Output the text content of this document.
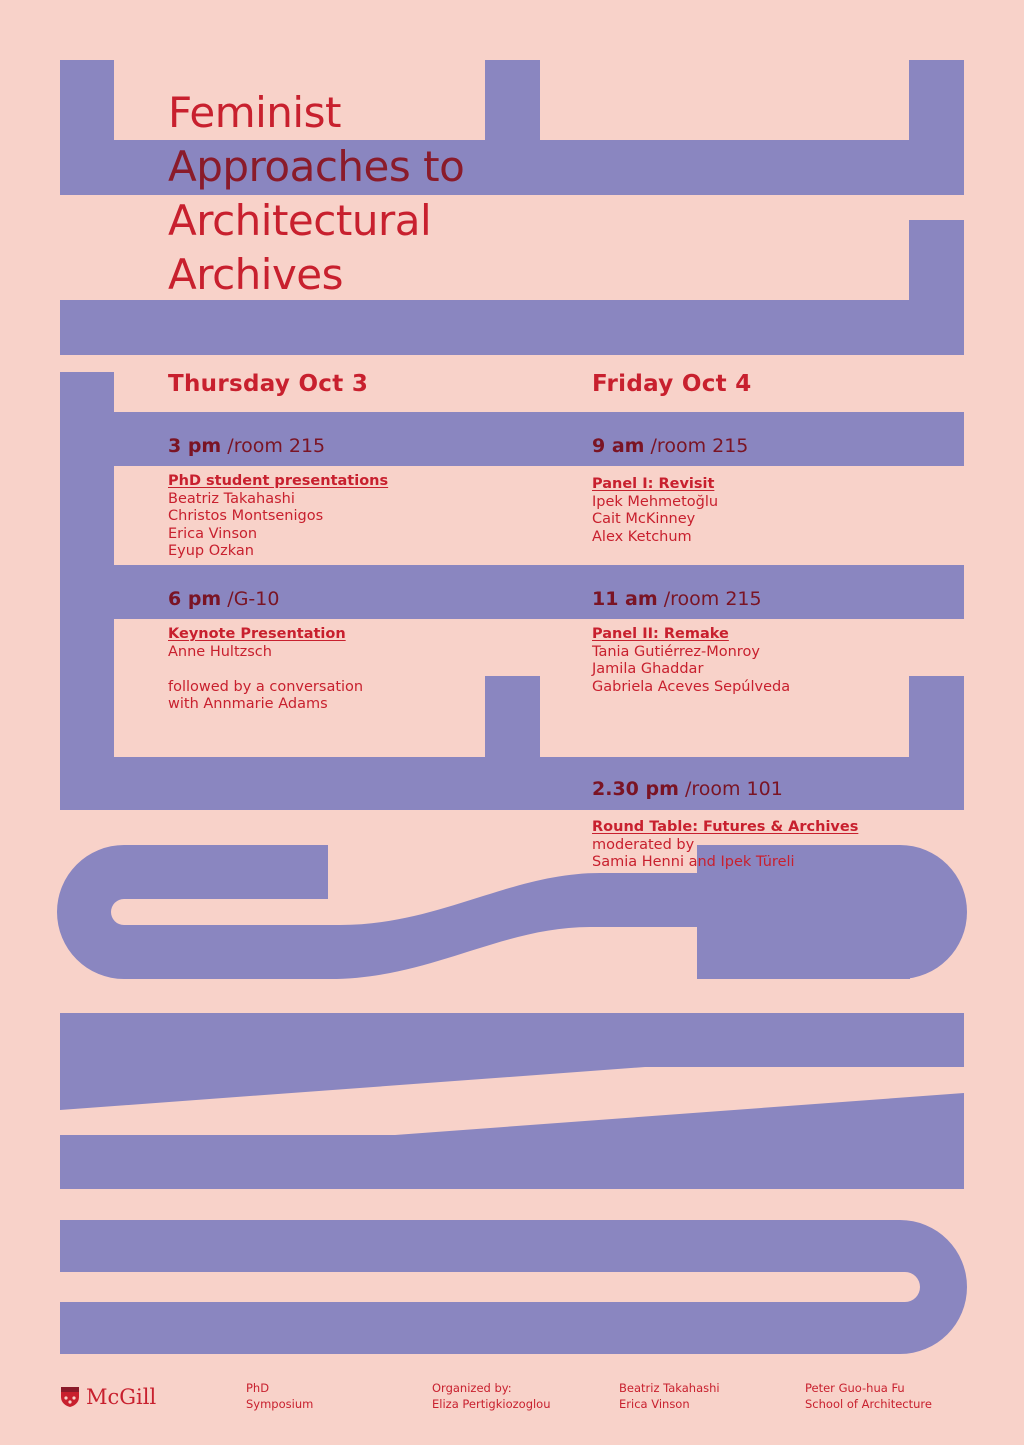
Feminist
Approaches to
Architectural
Archives
Thursday Oct 3
3 pm /room 215
PhD student presentations
Beatriz Takahashi
Christos Montsenigos
Erica Vinson
Eyup Ozkan
6 pm /G-10
Keynote Presentation
Anne Hultzsch
followed by a conversation
with Annmarie Adams
Friday Oct 4
9 am /room 215
Panel I: Revisit
Ipek Mehmetoğlu
Cait McKinney
Alex Ketchum
11 am /room 215
Panel II: Remake
Tania Gutiérrez-Monroy
Jamila Ghaddar
Gabriela Aceves Sepúlveda
2.30 pm /room 101
Round Table: Futures & Archives
moderated by
Samia Henni and Ipek Türeli
McGill	PhD
Symposium
Organized by:
Eliza Pertigkiozoglou
Beatriz Takahashi
Erica Vinson
Peter Guo-hua Fu
School of Architecture
